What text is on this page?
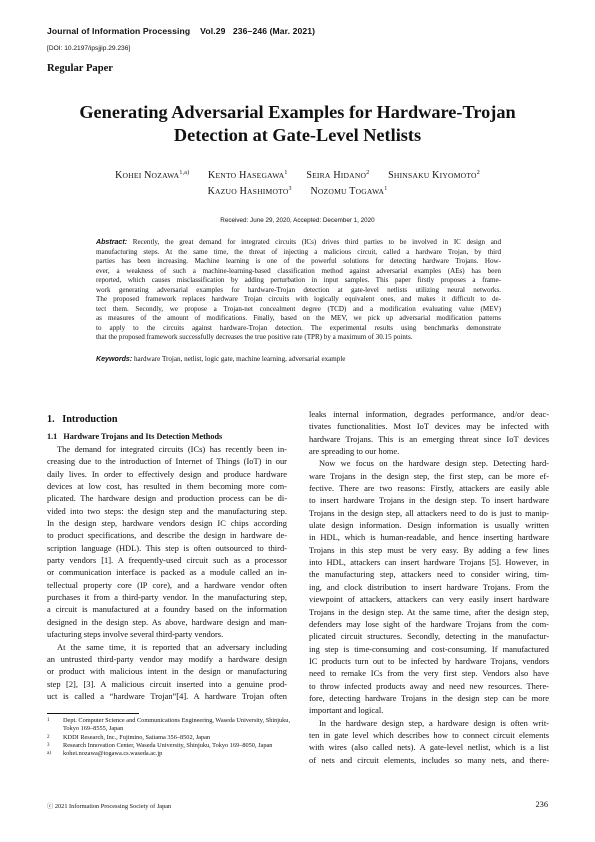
Journal of Information Processing Vol.29 236–246 (Mar. 2021)
[DOI: 10.2197/ipsjjip.29.236]
Regular Paper
Generating Adversarial Examples for Hardware-Trojan
Detection at Gate-Level Netlists
KOHEI NOZAWA$^{1,a)}$ KENTO HASEGAWA$^1$ SEIRA HIDANO$^2$ SHINSAKU KIYOMOTO$^2$
KAZUO HASHIMOTO$^3$ NOZOMU TOGAWA$^1$
Received: June 29, 2020, Accepted: December 1, 2020
Abstract: Recently, the great demand for integrated circuits (ICs) drives third parties to be involved in IC design and
manufacturing steps. At the same time, the threat of injecting a malicious circuit, called a hardware Trojan, by third
parties has been increasing. Machine learning is one of the powerful solutions for detecting hardware Trojans. How-
ever, a weakness of such a machine-learning-based classification method against adversarial examples (AEs) has been
reported, which causes misclassification by adding perturbation in input samples. This paper firstly proposes a frame-
work generating adversarial examples for hardware-Trojan detection at gate-level netlists utilizing neural networks.
The proposed framework replaces hardware Trojan circuits with logically equivalent ones, and makes it difficult to de-
tect them. Secondly, we propose a Trojan-net concealment degree (TCD) and a modification evaluating value (MEV)
as measures of the amount of modifications. Finally, based on the MEV, we pick up adversarial modification patterns
to apply to the circuits against hardware-Trojan detection. The experimental results using benchmarks demonstrate
that the proposed framework successfully decreases the true positive rate (TPR) by a maximum of 30.15 points.
Keywords: hardware Trojan, netlist, logic gate, machine learning, adversarial example
1. Introduction
1.1 Hardware Trojans and Its Detection Methods
The demand for integrated circuits (ICs) has recently been in-
creasing due to the introduction of Internet of Things (IoT) in our
daily lives. In order to effectively design and produce hardware
devices at low cost, has resulted in them becoming more com-
plicated. The hardware design and production process can be di-
vided into two steps: the design step and the manufacturing step.
In the design step, hardware vendors design IC chips according
to product specifications, and describe the design in hardware de-
scription language (HDL). This step is often outsourced to third-
party vendors [1]. A frequently-used circuit such as a processor
or communication interface is packed as a module called an in-
tellectual property core (IP core), and a hardware vendor often
purchases it from a third-party vendor. In the manufacturing step,
a circuit is manufactured at a foundry based on the information
designed in the design step. As above, hardware design and man-
ufacturing steps involve several third-party vendors.
At the same time, it is reported that an adversary including
an untrusted third-party vendor may modify a hardware design
or product with malicious intent in the design or manufacturing
step [2], [3]. A malicious circuit inserted into a genuine prod-
uct is called a “hardware Trojan”[4]. A hardware Trojan often
leaks internal information, degrades performance, and/or deac-
tivates functionalities. Most IoT devices may be infected with
hardware Trojans. This is an emerging threat since IoT devices
are spreading to our home.
Now we focus on the hardware design step. Detecting hard-
ware Trojans in the design step, the first step, can be more ef-
fective. There are two reasons: Firstly, attackers are easily able
to insert hardware Trojans in the design step. To insert hardware
Trojans in the design step, all attackers need to do is just to manip-
ulate design information. Design information is usually written
in HDL, which is human-readable, and hence inserting hardware
Trojans in this step must be very easy. By adding a few lines
into HDL, attackers can insert hardware Trojans [5]. However, in
the manufacturing step, attackers need to consider wiring, tim-
ing, and clock distribution to insert hardware Trojans. From the
viewpoint of attackers, attackers can very easily insert hardware
Trojans in the design step. At the same time, after the design step,
defenders may lose sight of the hardware Trojans from the com-
plicated circuit structures. Secondly, detecting in the manufactur-
ing step is time-consuming and cost-consuming. If manufactured
IC products turn out to be infected by hardware Trojans, vendors
need to remake ICs from the very first step. Vendors also have
to throw infected products away and need new resources. There-
fore, detecting hardware Trojans in the design step can be more
important and logical.
In the hardware design step, a hardware design is often writ-
ten in gate level which describes how to connect circuit elements
with wires (also called nets). A gate-level netlist, which is a list
of nets and circuit elements, includes so many nets, and there-
1	Dept. Computer Science and Communications Engineering, Waseda University, Shinjuku, Tokyo 169–8555, Japan
2	KDDI Research, Inc., Fujimino, Saitama 356–8502, Japan
3	Research Innovation Center, Waseda University, Shinjuku, Tokyo 169–8050, Japan
a)	kohei.nozawa@togawa.cs.waseda.ac.jp
ⓒ 2021 Information Processing Society of Japan	236
